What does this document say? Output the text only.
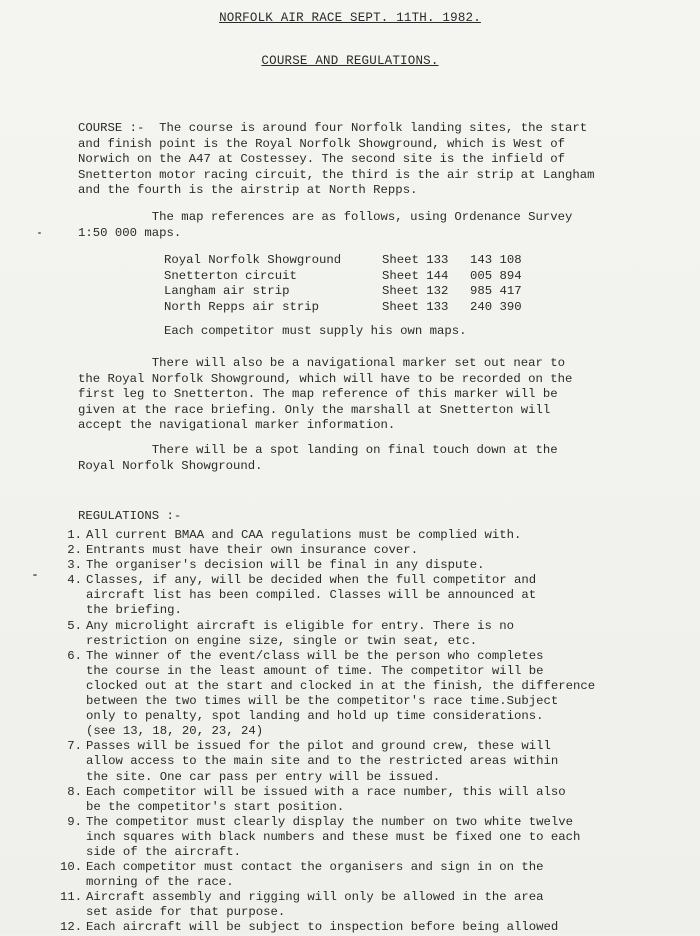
NORFOLK AIR RACE SEPT. 11TH. 1982.
COURSE AND REGULATIONS.
COURSE :-  The course is around four Norfolk landing sites, the start
and finish point is the Royal Norfolk Showground, which is West of
Norwich on the A47 at Costessey. The second site is the infield of
Snetterton motor racing circuit, the third is the air strip at Langham
and the fourth is the airstrip at North Repps.
The map references are as follows, using Ordenance Survey
1:50 000 maps.
Royal Norfolk Showground	Sheet 133	143 108
Snetterton circuit	Sheet 144	005 894
Langham air strip	Sheet 132	985 417
North Repps air strip	Sheet 133	240 390
Each competitor must supply his own maps.
There will also be a navigational marker set out near to
the Royal Norfolk Showground, which will have to be recorded on the
first leg to Snetterton. The map reference of this marker will be
given at the race briefing. Only the marshall at Snetterton will
accept the navigational marker information.
There will be a spot landing on final touch down at the
Royal Norfolk Showground.
REGULATIONS :-
1. All current BMAA and CAA regulations must be complied with.
2. Entrants must have their own insurance cover.
3. The organiser's decision will be final in any dispute.
4. Classes, if any, will be decided when the full competitor and
aircraft list has been compiled. Classes will be announced at
the briefing.
5. Any microlight aircraft is eligible for entry. There is no
restriction on engine size, single or twin seat, etc.
6. The winner of the event/class will be the person who completes
the course in the least amount of time. The competitor will be
clocked out at the start and clocked in at the finish, the difference
between the two times will be the competitor's race time.Subject
only to penalty, spot landing and hold up time considerations.
(see 13, 18, 20, 23, 24)
7. Passes will be issued for the pilot and ground crew, these will
allow access to the main site and to the restricted areas within
the site. One car pass per entry will be issued.
8. Each competitor will be issued with a race number, this will also
be the competitor's start position.
9. The competitor must clearly display the number on two white twelve
inch squares with black numbers and these must be fixed one to each
side of the aircraft.
10. Each competitor must contact the organisers and sign in on the
morning of the race.
11. Aircraft assembly and rigging will only be allowed in the area
set aside for that purpose.
12. Each aircraft will be subject to inspection before being allowed
